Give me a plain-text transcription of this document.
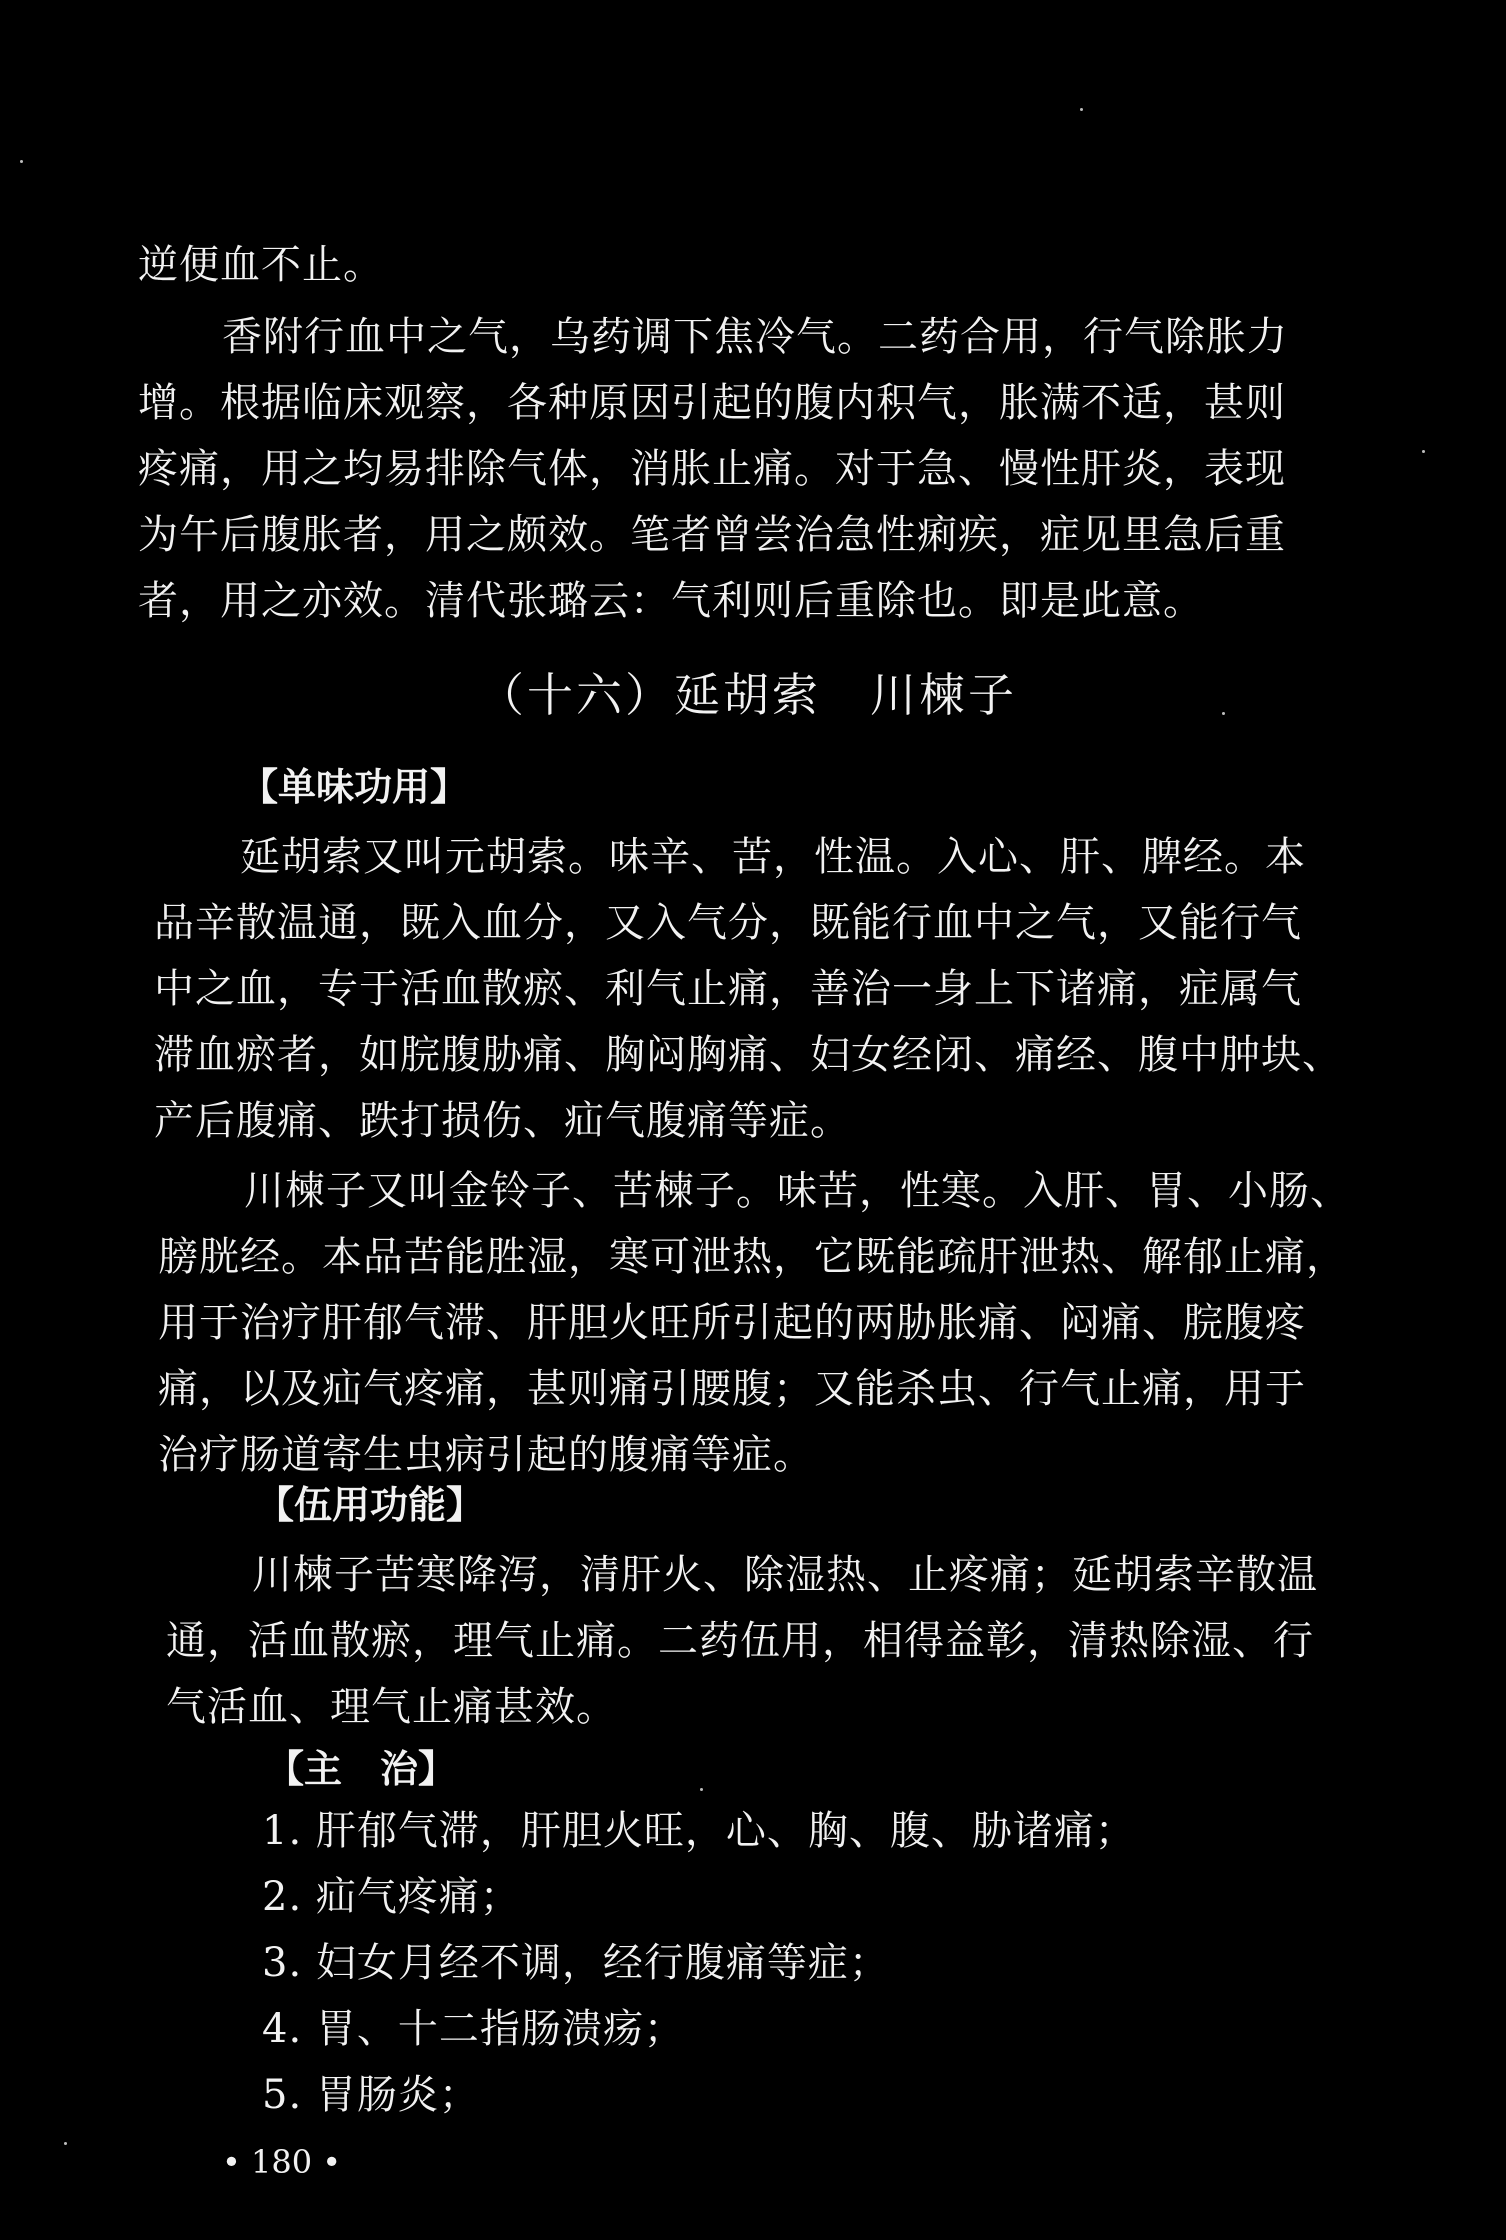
逆便血不止。
香附行血中之气，乌药调下焦冷气。二药合用，行气除胀力
增。根据临床观察，各种原因引起的腹内积气，胀满不适，甚则
疼痛，用之均易排除气体，消胀止痛。对于急、慢性肝炎，表现
为午后腹胀者，用之颇效。笔者曾尝治急性痢疾，症见里急后重
者，用之亦效。清代张璐云：气利则后重除也。即是此意。
（十六）延胡索　川楝子
【单味功用】
延胡索又叫元胡索。味辛、苦，性温。入心、肝、脾经。本
品辛散温通，既入血分，又入气分，既能行血中之气，又能行气
中之血，专于活血散瘀、利气止痛，善治一身上下诸痛，症属气
滞血瘀者，如脘腹胁痛、胸闷胸痛、妇女经闭、痛经、腹中肿块、
产后腹痛、跌打损伤、疝气腹痛等症。
川楝子又叫金铃子、苦楝子。味苦，性寒。入肝、胃、小肠、
膀胱经。本品苦能胜湿，寒可泄热，它既能疏肝泄热、解郁止痛，
用于治疗肝郁气滞、肝胆火旺所引起的两胁胀痛、闷痛、脘腹疼
痛，以及疝气疼痛，甚则痛引腰腹；又能杀虫、行气止痛，用于
治疗肠道寄生虫病引起的腹痛等症。
【伍用功能】
川楝子苦寒降泻，清肝火、除湿热、止疼痛；延胡索辛散温
通，活血散瘀，理气止痛。二药伍用，相得益彰，清热除湿、行
气活血、理气止痛甚效。
【主　治】
1. 肝郁气滞，肝胆火旺，心、胸、腹、胁诸痛；
2. 疝气疼痛；
3. 妇女月经不调，经行腹痛等症；
4. 胃、十二指肠溃疡；
5. 胃肠炎；
• 180 •
